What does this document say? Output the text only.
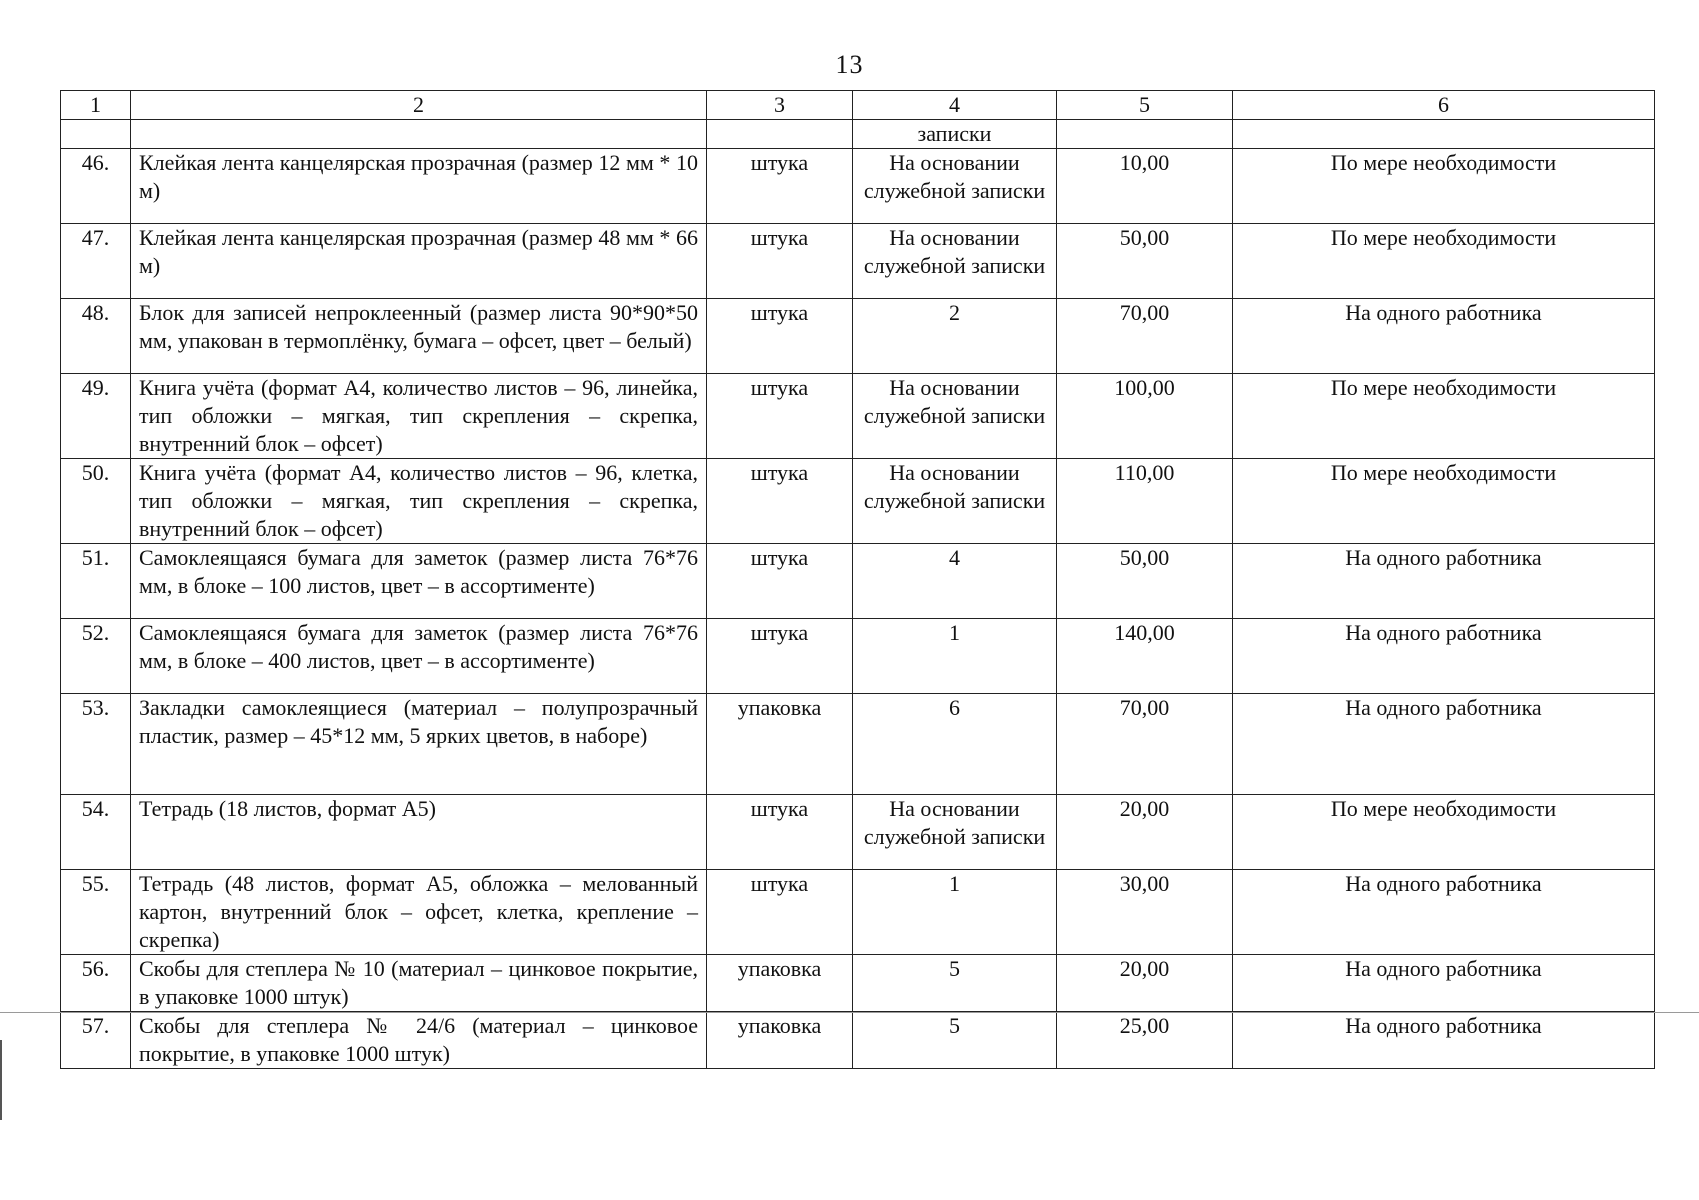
13
1	2	3	4	5	6
			записки		
46.	Клейкая лента канцелярская прозрачная (размер 12 мм * 10 м)	штука	На основании служебной записки	10,00	По мере необходимости
47.	Клейкая лента канцелярская прозрачная (размер 48 мм * 66 м)	штука	На основании служебной записки	50,00	По мере необходимости
48.	Блок для записей непроклеенный (размер листа 90*90*50 мм, упакован в термоплёнку, бумага – офсет, цвет – белый)	штука	2	70,00	На одного работника
49.	Книга учёта (формат А4, количество листов – 96, линейка, тип обложки – мягкая, тип скрепления – скрепка, внутренний блок – офсет)	штука	На основании служебной записки	100,00	По мере необходимости
50.	Книга учёта (формат А4, количество листов – 96, клетка, тип обложки – мягкая, тип скрепления – скрепка, внутренний блок – офсет)	штука	На основании служебной записки	110,00	По мере необходимости
51.	Самоклеящаяся бумага для заметок (размер листа 76*76 мм, в блоке – 100 листов, цвет – в ассортименте)	штука	4	50,00	На одного работника
52.	Самоклеящаяся бумага для заметок (размер листа 76*76 мм, в блоке – 400 листов, цвет – в ассортименте)	штука	1	140,00	На одного работника
53.	Закладки самоклеящиеся (материал – полупрозрачный пластик, размер – 45*12 мм, 5 ярких цветов, в наборе)	упаковка	6	70,00	На одного работника
54.	Тетрадь (18 листов, формат А5)	штука	На основании служебной записки	20,00	По мере необходимости
55.	Тетрадь (48 листов, формат А5, обложка – мелованный картон, внутренний блок – офсет, клетка, крепление – скрепка)	штука	1	30,00	На одного работника
56.	Скобы для степлера № 10 (материал – цинковое покрытие, в упаковке 1000 штук)	упаковка	5	20,00	На одного работника
57.	Скобы для степлера № 24/6 (материал – цинковое покрытие, в упаковке 1000 штук)	упаковка	5	25,00	На одного работника
